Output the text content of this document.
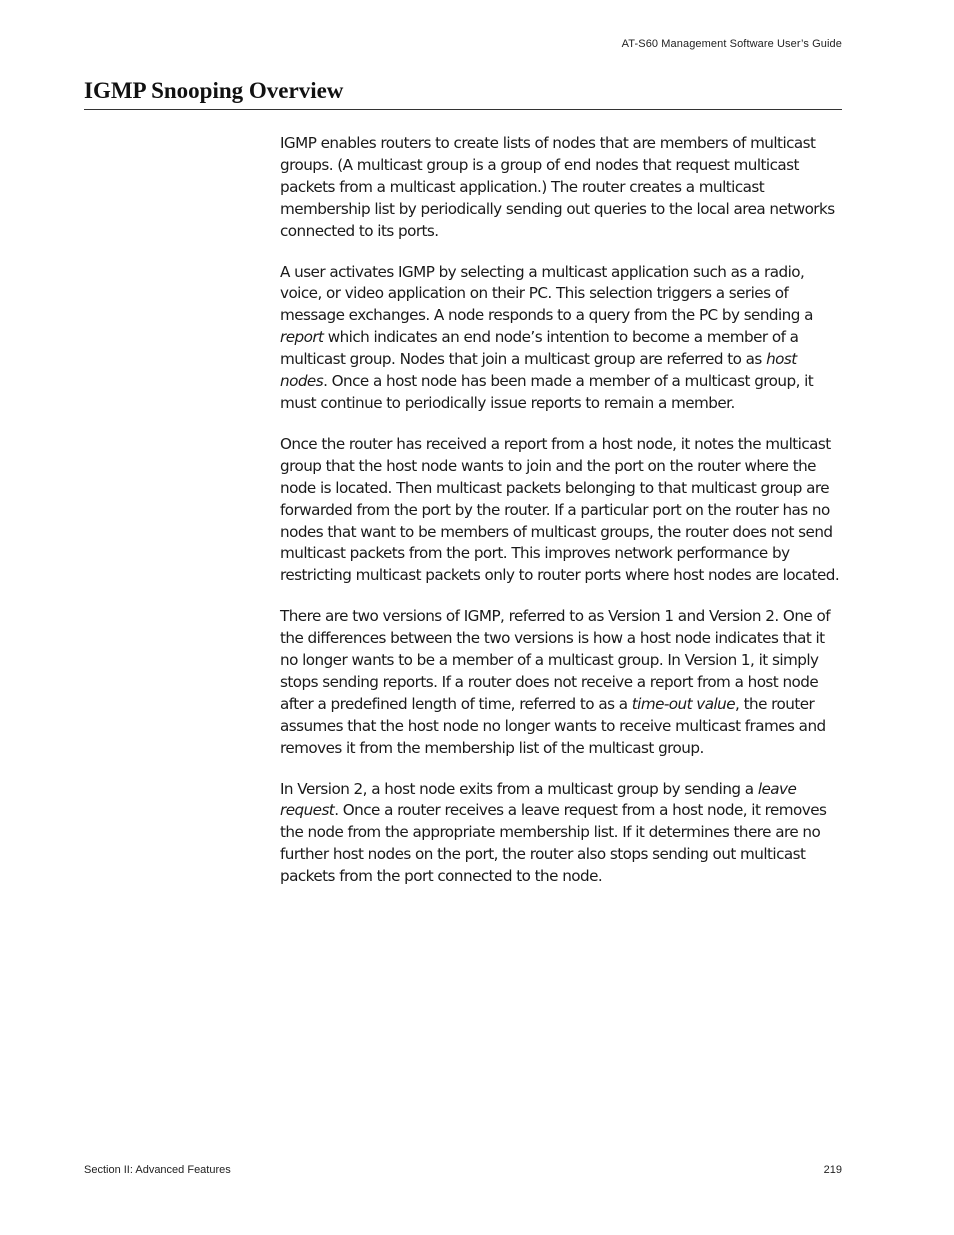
AT-S60 Management Software User’s Guide
IGMP Snooping Overview

IGMP enables routers to create lists of nodes that are members of multicast groups. (A multicast group is a group of end nodes that request multicast packets from a multicast application.) The router creates a multicast membership list by periodically sending out queries to the local area networks connected to its ports.

A user activates IGMP by selecting a multicast application such as a radio, voice, or video application on their PC. This selection triggers a series of message exchanges. A node responds to a query from the PC by sending a report which indicates an end node’s intention to become a member of a multicast group. Nodes that join a multicast group are referred to as host nodes. Once a host node has been made a member of a multicast group, it must continue to periodically issue reports to remain a member.

Once the router has received a report from a host node, it notes the multicast group that the host node wants to join and the port on the router where the node is located. Then multicast packets belonging to that multicast group are forwarded from the port by the router. If a particular port on the router has no nodes that want to be members of multicast groups, the router does not send multicast packets from the port. This improves network performance by restricting multicast packets only to router ports where host nodes are located.

There are two versions of IGMP, referred to as Version 1 and Version 2. One of the differences between the two versions is how a host node indicates that it no longer wants to be a member of a multicast group. In Version 1, it simply stops sending reports. If a router does not receive a report from a host node after a predefined length of time, referred to as a time-out value, the router assumes that the host node no longer wants to receive multicast frames and removes it from the membership list of the multicast group.

In Version 2, a host node exits from a multicast group by sending a leave request. Once a router receives a leave request from a host node, it removes the node from the appropriate membership list. If it determines there are no further host nodes on the port, the router also stops sending out multicast packets from the port connected to the node.

Section II: Advanced Features	219
